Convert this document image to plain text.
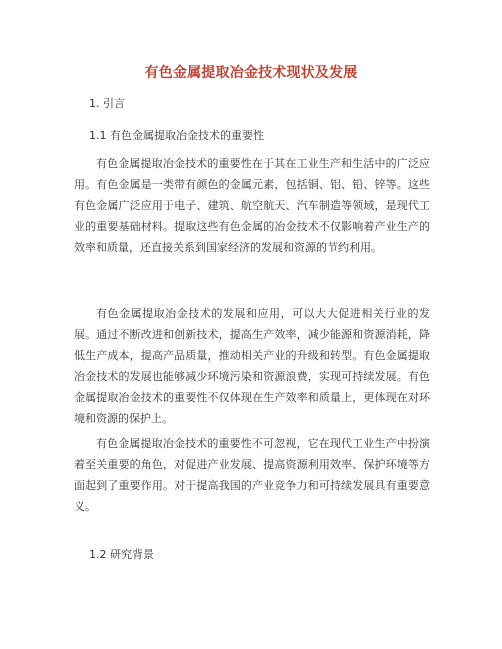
有色金属提取冶金技术现状及发展
1. 引言
1.1 有色金属提取冶金技术的重要性

有色金属提取冶金技术的重要性在于其在工业生产和生活中的广泛应用。有色金属是一类带有颜色的金属元素，包括铜、铝、铅、锌等。这些有色金属广泛应用于电子、建筑、航空航天、汽车制造等领域，是现代工业的重要基础材料。提取这些有色金属的冶金技术不仅影响着产业生产的效率和质量，还直接关系到国家经济的发展和资源的节约利用。

有色金属提取冶金技术的发展和应用，可以大大促进相关行业的发展。通过不断改进和创新技术，提高生产效率，减少能源和资源消耗，降低生产成本，提高产品质量，推动相关产业的升级和转型。有色金属提取冶金技术的发展也能够减少环境污染和资源浪费，实现可持续发展。有色金属提取冶金技术的重要性不仅体现在生产效率和质量上，更体现在对环境和资源的保护上。

有色金属提取冶金技术的重要性不可忽视，它在现代工业生产中扮演着至关重要的角色，对促进产业发展、提高资源利用效率、保护环境等方面起到了重要作用。对于提高我国的产业竞争力和可持续发展具有重要意义。

1.2 研究背景
